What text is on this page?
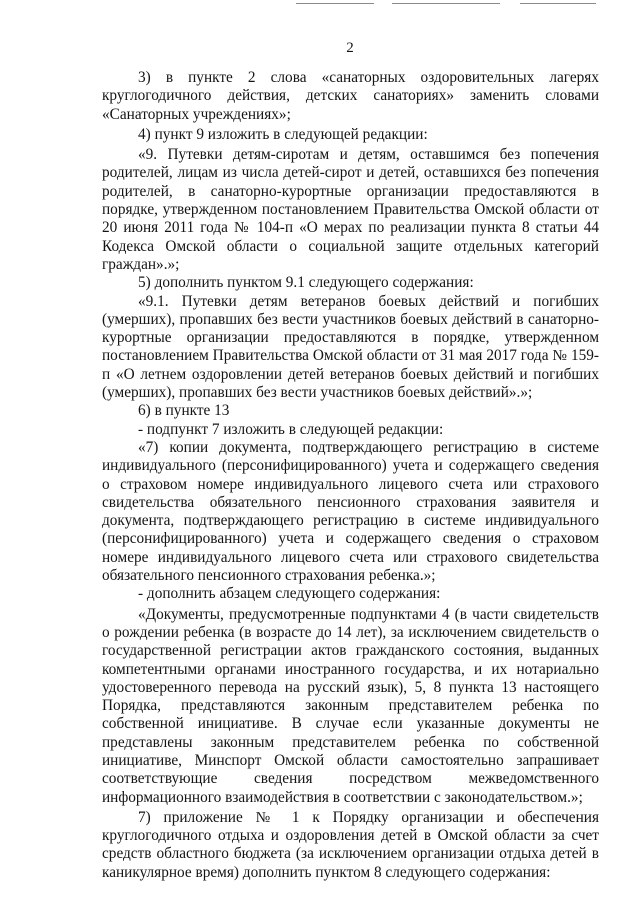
2

3) в пункте 2 слова «санаторных оздоровительных лагерях круглогодичного действия, детских санаториях» заменить словами «Санаторных учреждениях»;

4) пункт 9 изложить в следующей редакции:

«9. Путевки детям-сиротам и детям, оставшимся без попечения родителей, лицам из числа детей-сирот и детей, оставшихся без попечения родителей, в санаторно-курортные организации предоставляются в порядке, утвержденном постановлением Правительства Омской области от 20 июня 2011 года № 104-п «О мерах по реализации пункта 8 статьи 44 Кодекса Омской области о социальной защите отдельных категорий граждан».»;

5) дополнить пунктом 9.1 следующего содержания:

«9.1. Путевки детям ветеранов боевых действий и погибших (умерших), пропавших без вести участников боевых действий в санаторно-курортные организации предоставляются в порядке, утвержденном постановлением Правительства Омской области от 31 мая 2017 года № 159-п «О летнем оздоровлении детей ветеранов боевых действий и погибших (умерших), пропавших без вести участников боевых действий».»;

6) в пункте 13

- подпункт 7 изложить в следующей редакции:

«7) копии документа, подтверждающего регистрацию в системе индивидуального (персонифицированного) учета и содержащего сведения о страховом номере индивидуального лицевого счета или страхового свидетельства обязательного пенсионного страхования заявителя и документа, подтверждающего регистрацию в системе индивидуального (персонифицированного) учета и содержащего сведения о страховом номере индивидуального лицевого счета или страхового свидетельства обязательного пенсионного страхования ребенка.»;

- дополнить абзацем следующего содержания:

«Документы, предусмотренные подпунктами 4 (в части свидетельств о рождении ребенка (в возрасте до 14 лет), за исключением свидетельств о государственной регистрации актов гражданского состояния, выданных компетентными органами иностранного государства, и их нотариально удостоверенного перевода на русский язык), 5, 8 пункта 13 настоящего Порядка, представляются законным представителем ребенка по собственной инициативе. В случае если указанные документы не представлены законным представителем ребенка по собственной инициативе, Минспорт Омской области самостоятельно запрашивает соответствующие сведения посредством межведомственного информационного взаимодействия в соответствии с законодательством.»;

7) приложение № 1 к Порядку организации и обеспечения круглогодичного отдыха и оздоровления детей в Омской области за счет средств областного бюджета (за исключением организации отдыха детей в каникулярное время) дополнить пунктом 8 следующего содержания:
